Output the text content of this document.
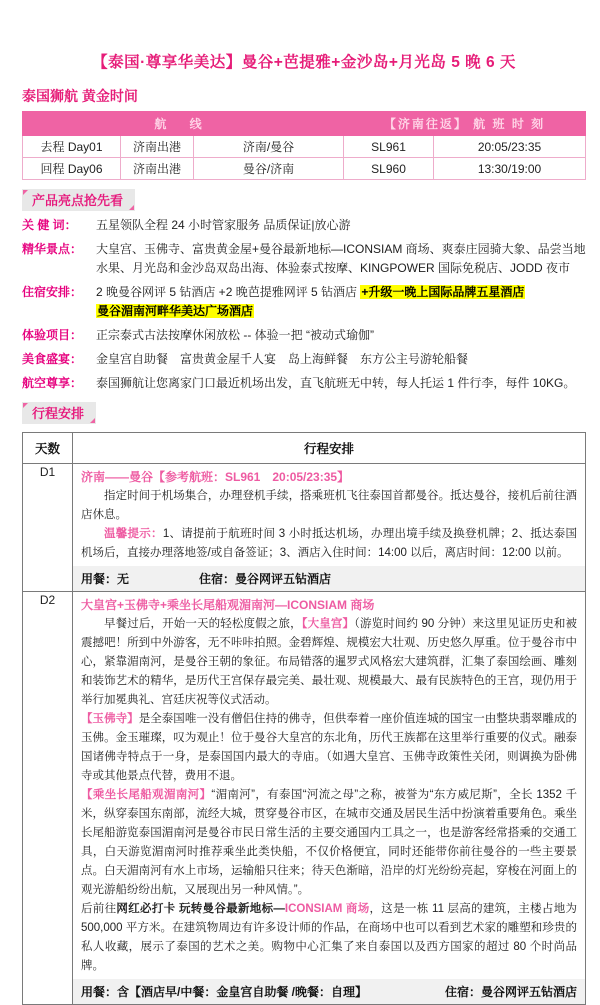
【泰国·尊享华美达】曼谷+芭提雅+金沙岛+月光岛 5 晚 6 天
泰国狮航 黄金时间
航 线			【济南往返】 航 班 时 刻	
去程 Day01	济南出港	济南/曼谷	SL961	20:05/23:35
回程 Day06	济南出港	曼谷/济南	SL960	13:30/19:00
产品亮点抢先看
关 健 词：	五星领队全程 24 小时管家服务 品质保证|放心游
精华景点：	大皇宫、玉佛寺、富贵黄金屋+曼谷最新地标—ICONSIAM 商场、爽泰庄园骑大象、品尝当地水果、月光岛和金沙岛双岛出海、体验泰式按摩、KINGPOWER 国际免税店、JODD 夜市
住宿安排：	2 晚曼谷网评 5 钻酒店 +2 晚芭提雅网评 5 钻酒店 +升级一晚上国际品牌五星酒店
曼谷湄南河畔华美达广场酒店
体验项目：	正宗泰式古法按摩休闲放松 -- 体验一把 “被动式瑜伽”
美食盛宴：	金皇宫自助餐　富贵黄金屋千人宴　岛上海鲜餐　东方公主号游轮船餐
航空尊享：	泰国狮航让您离家门口最近机场出发，直飞航班无中转，每人托运 1 件行李，每件 10KG。
行程安排
天数	行程安排
D1	济南——曼谷【参考航班：SL961　20:05/23:35】

指定时间于机场集合，办理登机手续，搭乘班机飞往泰国首都曼谷。抵达曼谷，接机后前往酒店休息。

温馨提示：1、请提前于航班时间 3 小时抵达机场，办理出境手续及换登机牌；2、抵达泰国机场后，直接办理落地签/或自备签证；3、酒店入住时间：14:00 以后，离店时间：12:00 以前。

用餐：无 住宿：曼谷网评五钻酒店

D2	大皇宫+玉佛寺+乘坐长尾船观湄南河—ICONSIAM 商场

早餐过后，开始一天的轻松度假之旅，【大皇宫】（游览时间约 90 分钟）来这里见证历史和被震撼吧！所到中外游客，无不咔咔拍照。金碧辉煌、规模宏大壮观、历史悠久厚重。位于曼谷市中心，紧靠湄南河，是曼谷王朝的象征。布局错落的暹罗式风格宏大建筑群，汇集了泰国绘画、雕刻和装饰艺术的精华，是历代王宫保存最完美、最壮观、规模最大、最有民族特色的王宫，现仍用于举行加冕典礼、宫廷庆祝等仪式活动。

【玉佛寺】是全泰国唯一没有僧侣住持的佛寺，但供奉着一座价值连城的国宝一由整块翡翠雕成的玉佛。金玉璀璨，叹为观止！位于曼谷大皇宫的东北角，历代王族都在这里举行重要的仪式。融泰国诸佛寺特点于一身，是泰国国内最大的寺庙。（如遇大皇宫、玉佛寺政策性关闭，则调换为卧佛寺或其他景点代替，费用不退。

【乘坐长尾船观湄南河】“湄南河”，有泰国“河流之母”之称，被誉为“东方威尼斯”，全长 1352 千米，纵穿泰国东南部，流经大城，贯穿曼谷市区，在城市交通及居民生活中扮演着重要角色。乘坐长尾船游览泰国湄南河是曼谷市民日常生活的主要交通国内工具之一，也是游客经常搭乘的交通工具，白天游览湄南河时推荐乘坐此类快船，不仅价格便宜，同时还能带你前往曼谷的一些主要景点。白天湄南河有水上市场，运输船只往来；待天色渐暗，沿岸的灯光纷纷亮起，穿梭在河面上的观光游船纷纷出航，又展现出另一种风情。”。

后前往网红必打卡 玩转曼谷最新地标—ICONSIAM 商场，这是一栋 11 层高的建筑，主楼占地为 500,000 平方米。在建筑物周边有许多设计师的作品，在商场中也可以看到艺术家的雕塑和珍贵的私人收藏，展示了泰国的艺术之美。购物中心汇集了来自泰国以及西方国家的超过 80 个时尚品牌。

用餐：含【酒店早/中餐：金皇宫自助餐 /晚餐：自理】	住宿：曼谷网评五钻酒店
